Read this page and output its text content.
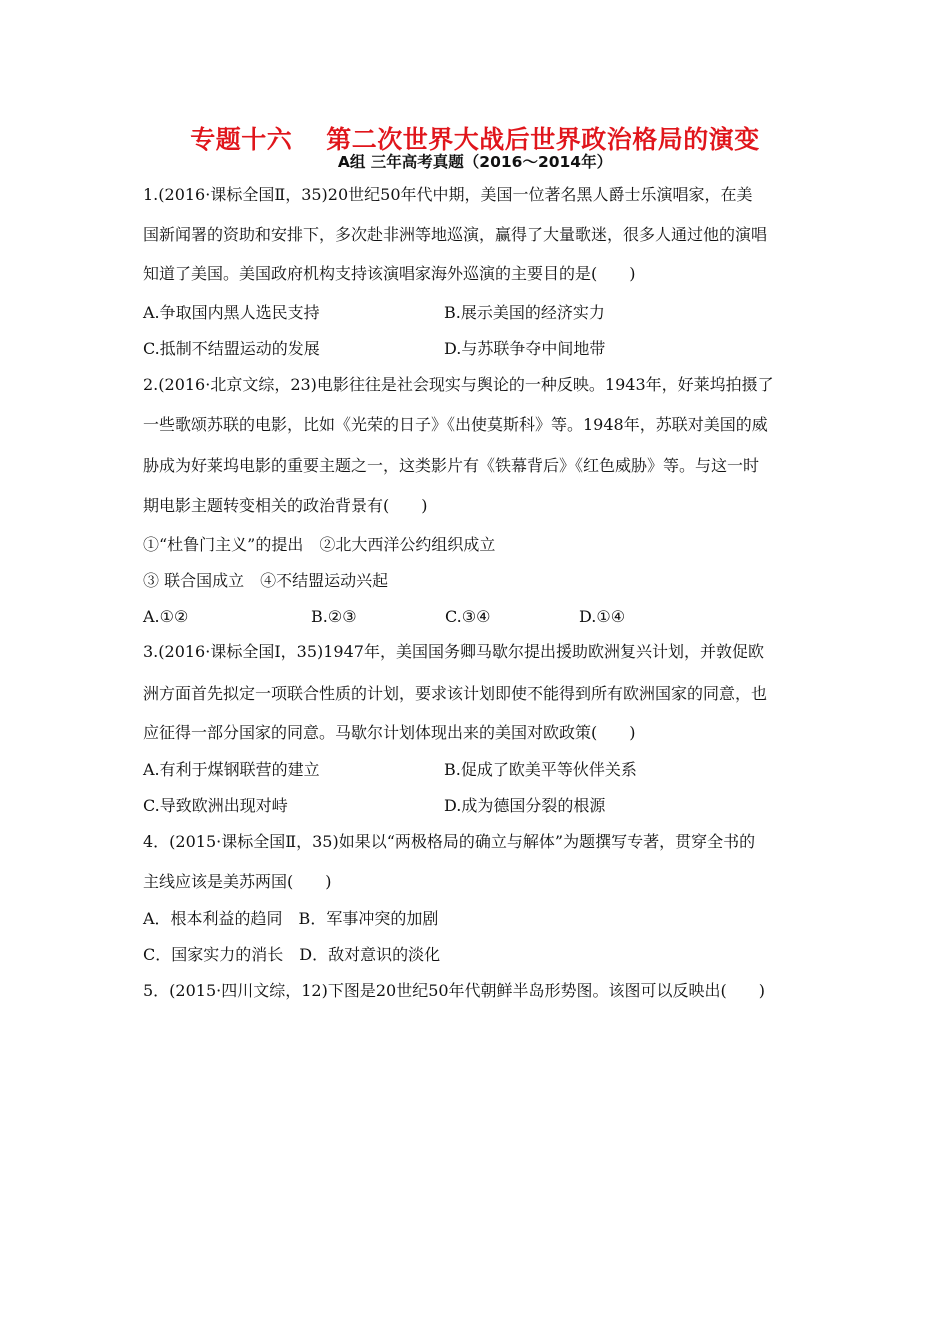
专题十六 第二次世界大战后世界政治格局的演变
A组 三年高考真题（2016～2014年）
1.(2016·课标全国Ⅱ，35)20世纪50年代中期，美国一位著名黑人爵士乐演唱家，在美
国新闻署的资助和安排下，多次赴非洲等地巡演，赢得了大量歌迷，很多人通过他的演唱
知道了美国。美国政府机构支持该演唱家海外巡演的主要目的是(　　)
A.争取国内黑人选民支持	B.展示美国的经济实力
C.抵制不结盟运动的发展	D.与苏联争夺中间地带
2.(2016·北京文综，23)电影往往是社会现实与舆论的一种反映。1943年，好莱坞拍摄了
一些歌颂苏联的电影，比如《光荣的日子》《出使莫斯科》等。1948年，苏联对美国的威
胁成为好莱坞电影的重要主题之一，这类影片有《铁幕背后》《红色威胁》等。与这一时
期电影主题转变相关的政治背景有(　　)
①“杜鲁门主义”的提出　②北大西洋公约组织成立
③ 联合国成立　④不结盟运动兴起
A.①②	B.②③	C.③④	D.①④
3.(2016·课标全国Ⅰ，35)1947年，美国国务卿马歇尔提出援助欧洲复兴计划，并敦促欧
洲方面首先拟定一项联合性质的计划，要求该计划即使不能得到所有欧洲国家的同意，也
应征得一部分国家的同意。马歇尔计划体现出来的美国对欧政策(　　)
A.有利于煤钢联营的建立	B.促成了欧美平等伙伴关系
C.导致欧洲出现对峙	D.成为德国分裂的根源
4．(2015·课标全国Ⅱ，35)如果以“两极格局的确立与解体”为题撰写专著，贯穿全书的
主线应该是美苏两国(　　)
A．根本利益的趋同　B．军事冲突的加剧
C．国家实力的消长　D．敌对意识的淡化
5．(2015·四川文综，12)下图是20世纪50年代朝鲜半岛形势图。该图可以反映出(　　)
